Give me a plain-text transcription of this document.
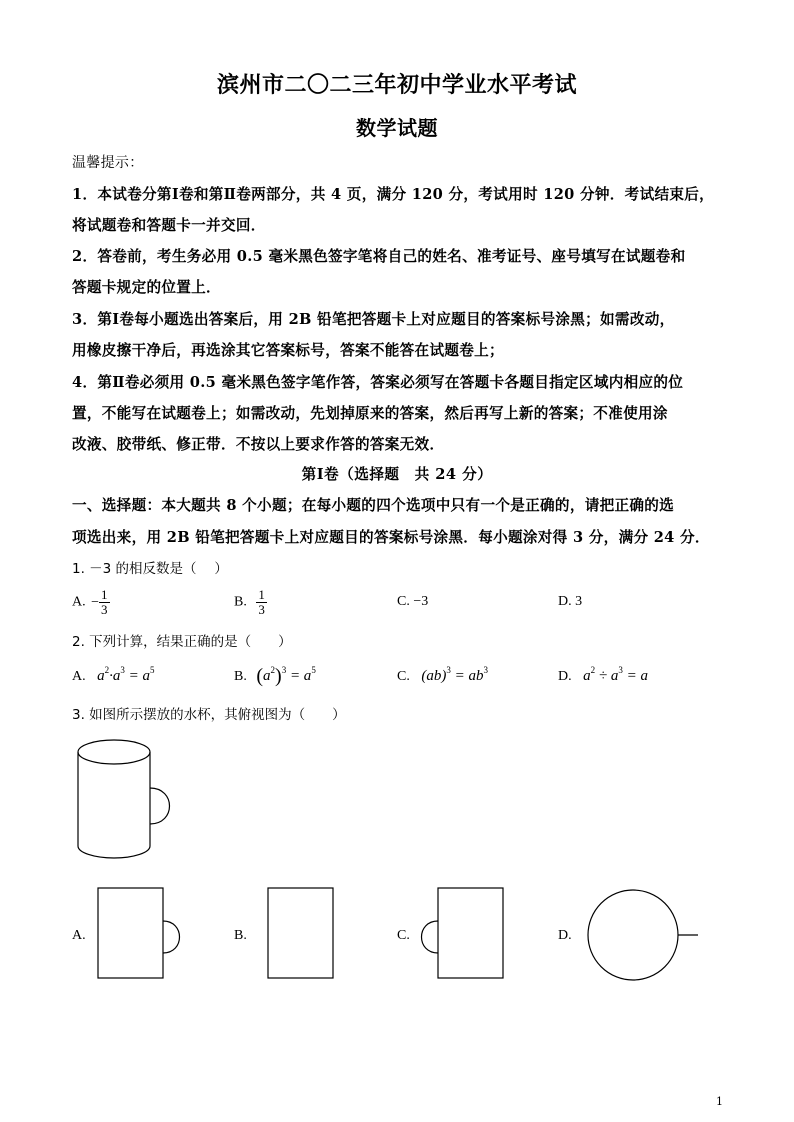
滨州市二〇二三年初中学业水平考试
数学试题
温馨提示：
1．本试卷分第Ⅰ卷和第Ⅱ卷两部分，共 4 页，满分 120 分，考试用时 120 分钟．考试结束后，
将试题卷和答题卡一并交回．
2．答卷前，考生务必用 0.5 毫米黑色签字笔将自己的姓名、准考证号、座号填写在试题卷和
答题卡规定的位置上．
3．第Ⅰ卷每小题选出答案后，用 2B 铅笔把答题卡上对应题目的答案标号涂黑；如需改动，
用橡皮擦干净后，再选涂其它答案标号，答案不能答在试题卷上；
4．第Ⅱ卷必须用 0.5 毫米黑色签字笔作答，答案必须写在答题卡各题目指定区域内相应的位
置，不能写在试题卷上；如需改动，先划掉原来的答案，然后再写上新的答案；不准使用涂
改液、胶带纸、修正带．不按以上要求作答的答案无效．
第Ⅰ卷（选择题　共 24 分）
一、选择题：本大题共 8 个小题；在每小题的四个选项中只有一个是正确的，请把正确的选
项选出来，用 2B 铅笔把答题卡上对应题目的答案标号涂黑．每小题涂对得 3 分，满分 24 分．
1. －3 的相反数是（　 ）
A. − $\frac{1}{3}$	B. $\frac{1}{3}$	C. −3	D. 3
2. 下列计算，结果正确的是（　　）
A. $a^2\cdot a^3 = a^5$	B. $(a^2)^3 = a^5$	C. $(ab)^3 = ab^3$	D. $a^2 \div a^3 = a$
3. 如图所示摆放的水杯，其俯视图为（　　）
A.	B.	C.	D.
1
